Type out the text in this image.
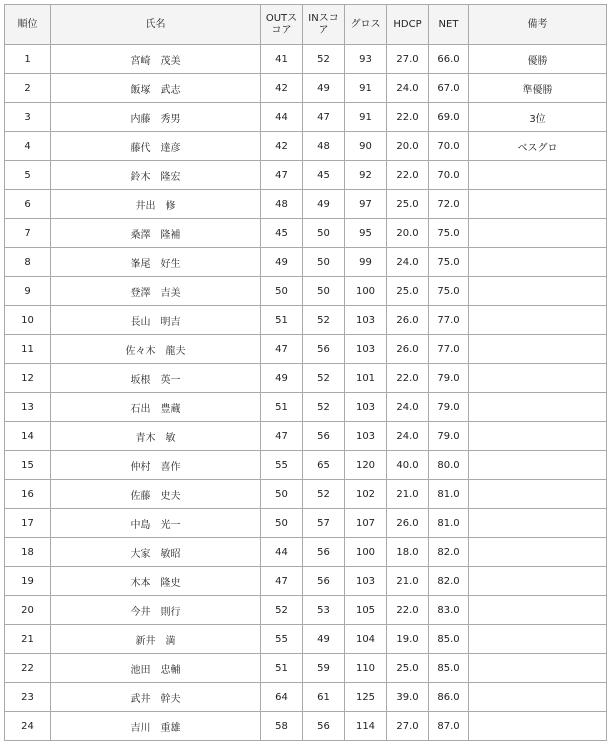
順位	氏名	OUTスコア	INスコア	グロス	HDCP	NET	備考
1	宮崎　茂美	41	52	93	27.0	66.0	優勝
2	飯塚　武志	42	49	91	24.0	67.0	準優勝
3	内藤　秀男	44	47	91	22.0	69.0	3位
4	藤代　達彦	42	48	90	20.0	70.0	ベスグロ
5	鈴木　隆宏	47	45	92	22.0	70.0	
6	井出　修	48	49	97	25.0	72.0	
7	桑澤　隆補	45	50	95	20.0	75.0	
8	峯尾　好生	49	50	99	24.0	75.0	
9	登澤　吉美	50	50	100	25.0	75.0	
10	長山　明吉	51	52	103	26.0	77.0	
11	佐々木　龍夫	47	56	103	26.0	77.0	
12	坂根　英一	49	52	101	22.0	79.0	
13	石出　豊蔵	51	52	103	24.0	79.0	
14	青木　敏	47	56	103	24.0	79.0	
15	仲村　喜作	55	65	120	40.0	80.0	
16	佐藤　史夫	50	52	102	21.0	81.0	
17	中島　光一	50	57	107	26.0	81.0	
18	大家　敏昭	44	56	100	18.0	82.0	
19	木本　隆史	47	56	103	21.0	82.0	
20	今井　則行	52	53	105	22.0	83.0	
21	新井　満	55	49	104	19.0	85.0	
22	池田　忠輔	51	59	110	25.0	85.0	
23	武井　幹夫	64	61	125	39.0	86.0	
24	吉川　重雄	58	56	114	27.0	87.0	
